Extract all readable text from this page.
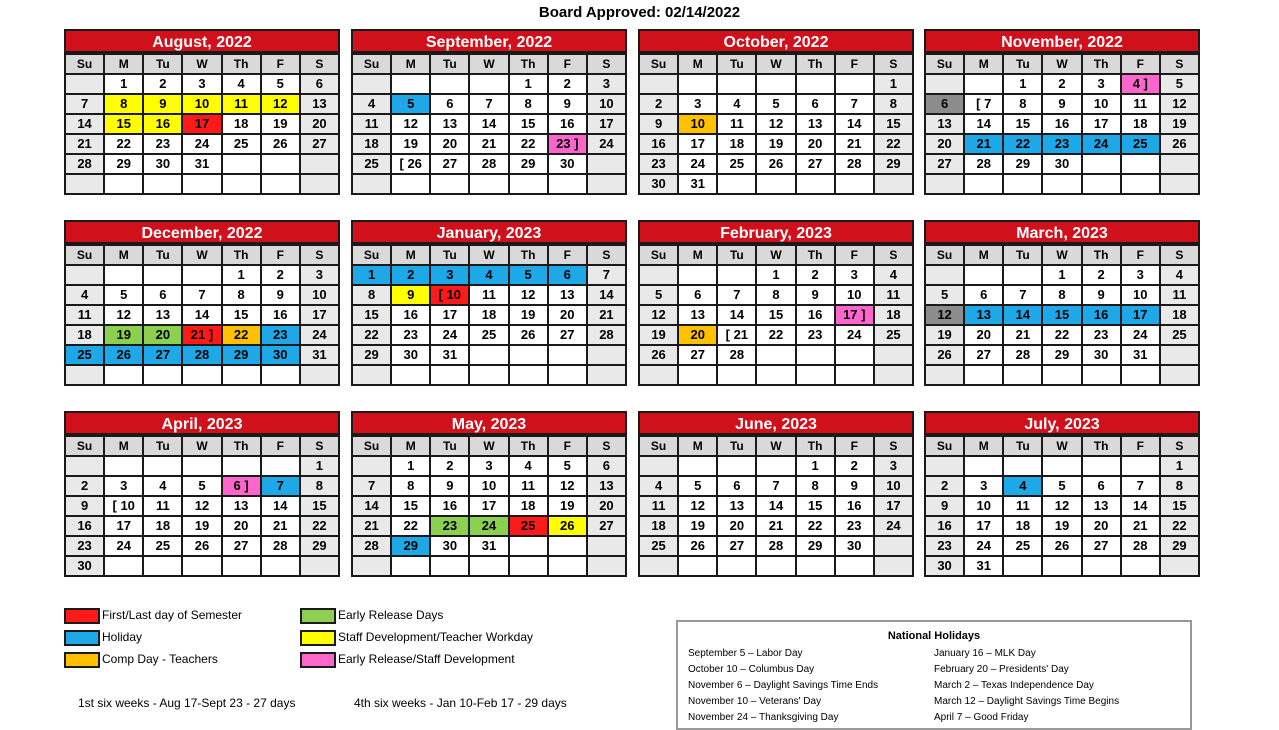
Board Approved: 02/14/2022
August, 2022
Su	M	Tu	W	Th	F	S
	1	2	3	4	5	6
7	8	9	10	11	12	13
14	15	16	17	18	19	20
21	22	23	24	25	26	27
28	29	30	31			

September, 2022
Su	M	Tu	W	Th	F	S
				1	2	3
4	5	6	7	8	9	10
11	12	13	14	15	16	17
18	19	20	21	22	23 ]	24
25	[ 26	27	28	29	30	

October, 2022
Su	M	Tu	W	Th	F	S
						1
2	3	4	5	6	7	8
9	10	11	12	13	14	15
16	17	18	19	20	21	22
23	24	25	26	27	28	29
30	31					
November, 2022
Su	M	Tu	W	Th	F	S
		1	2	3	4 ]	5
6	[ 7	8	9	10	11	12
13	14	15	16	17	18	19
20	21	22	23	24	25	26
27	28	29	30			

December, 2022
Su	M	Tu	W	Th	F	S
				1	2	3
4	5	6	7	8	9	10
11	12	13	14	15	16	17
18	19	20	21 ]	22	23	24
25	26	27	28	29	30	31

January, 2023
Su	M	Tu	W	Th	F	S
1	2	3	4	5	6	7
8	9	[ 10	11	12	13	14
15	16	17	18	19	20	21
22	23	24	25	26	27	28
29	30	31				

February, 2023
Su	M	Tu	W	Th	F	S
			1	2	3	4
5	6	7	8	9	10	11
12	13	14	15	16	17 ]	18
19	20	[ 21	22	23	24	25
26	27	28				

March, 2023
Su	M	Tu	W	Th	F	S
			1	2	3	4
5	6	7	8	9	10	11
12	13	14	15	16	17	18
19	20	21	22	23	24	25
26	27	28	29	30	31	

April, 2023
Su	M	Tu	W	Th	F	S
						1
2	3	4	5	6 ]	7	8
9	[ 10	11	12	13	14	15
16	17	18	19	20	21	22
23	24	25	26	27	28	29
30						
May, 2023
Su	M	Tu	W	Th	F	S
	1	2	3	4	5	6
7	8	9	10	11	12	13
14	15	16	17	18	19	20
21	22	23	24	25	26	27
28	29	30	31			

June, 2023
Su	M	Tu	W	Th	F	S
				1	2	3
4	5	6	7	8	9	10
11	12	13	14	15	16	17
18	19	20	21	22	23	24
25	26	27	28	29	30	

July, 2023
Su	M	Tu	W	Th	F	S
						1
2	3	4	5	6	7	8
9	10	11	12	13	14	15
16	17	18	19	20	21	22
23	24	25	26	27	28	29
30	31					
First/Last day of Semester
Holiday
Comp Day - Teachers
Early Release Days
Staff Development/Teacher Workday
Early Release/Staff Development
1st six weeks - Aug 17-Sept 23 - 27 days	4th six weeks - Jan 10-Feb 17 - 29 days
National Holidays
September 5 – Labor Day
October 10 – Columbus Day
November 6 – Daylight Savings Time Ends
November 10 – Veterans' Day
November 24 – Thanksgiving Day
January 16 – MLK Day
February 20 – Presidents' Day
March 2 – Texas Independence Day
March 12 – Daylight Savings Time Begins
April 7 – Good Friday
